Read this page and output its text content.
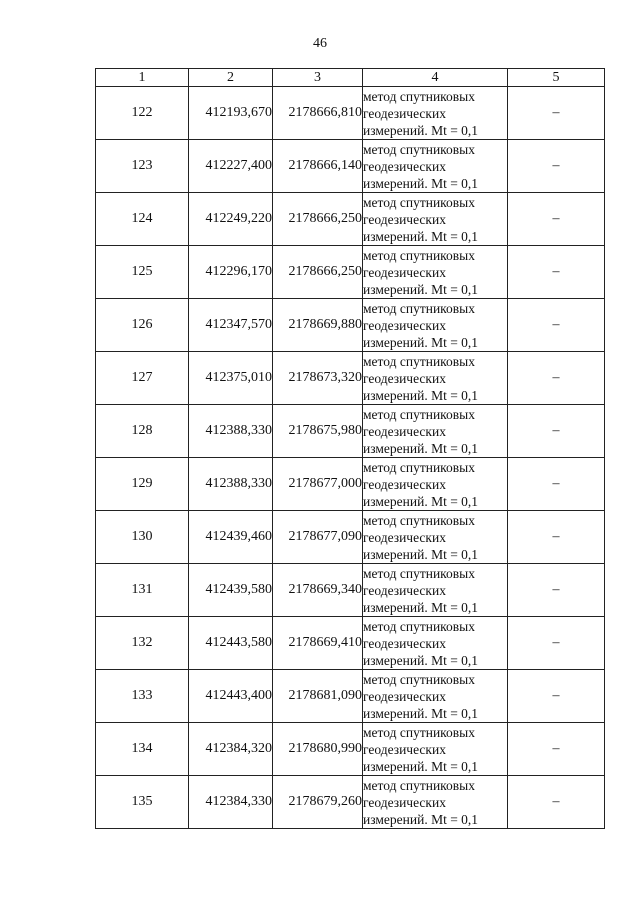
46
1	2	3	4	5
122	412193,670	2178666,810	метод спутниковых
геодезических
измерений. Mt = 0,1	–
123	412227,400	2178666,140	метод спутниковых
геодезических
измерений. Mt = 0,1	–
124	412249,220	2178666,250	метод спутниковых
геодезических
измерений. Mt = 0,1	–
125	412296,170	2178666,250	метод спутниковых
геодезических
измерений. Mt = 0,1	–
126	412347,570	2178669,880	метод спутниковых
геодезических
измерений. Mt = 0,1	–
127	412375,010	2178673,320	метод спутниковых
геодезических
измерений. Mt = 0,1	–
128	412388,330	2178675,980	метод спутниковых
геодезических
измерений. Mt = 0,1	–
129	412388,330	2178677,000	метод спутниковых
геодезических
измерений. Mt = 0,1	–
130	412439,460	2178677,090	метод спутниковых
геодезических
измерений. Mt = 0,1	–
131	412439,580	2178669,340	метод спутниковых
геодезических
измерений. Mt = 0,1	–
132	412443,580	2178669,410	метод спутниковых
геодезических
измерений. Mt = 0,1	–
133	412443,400	2178681,090	метод спутниковых
геодезических
измерений. Mt = 0,1	–
134	412384,320	2178680,990	метод спутниковых
геодезических
измерений. Mt = 0,1	–
135	412384,330	2178679,260	метод спутниковых
геодезических
измерений. Mt = 0,1	–
